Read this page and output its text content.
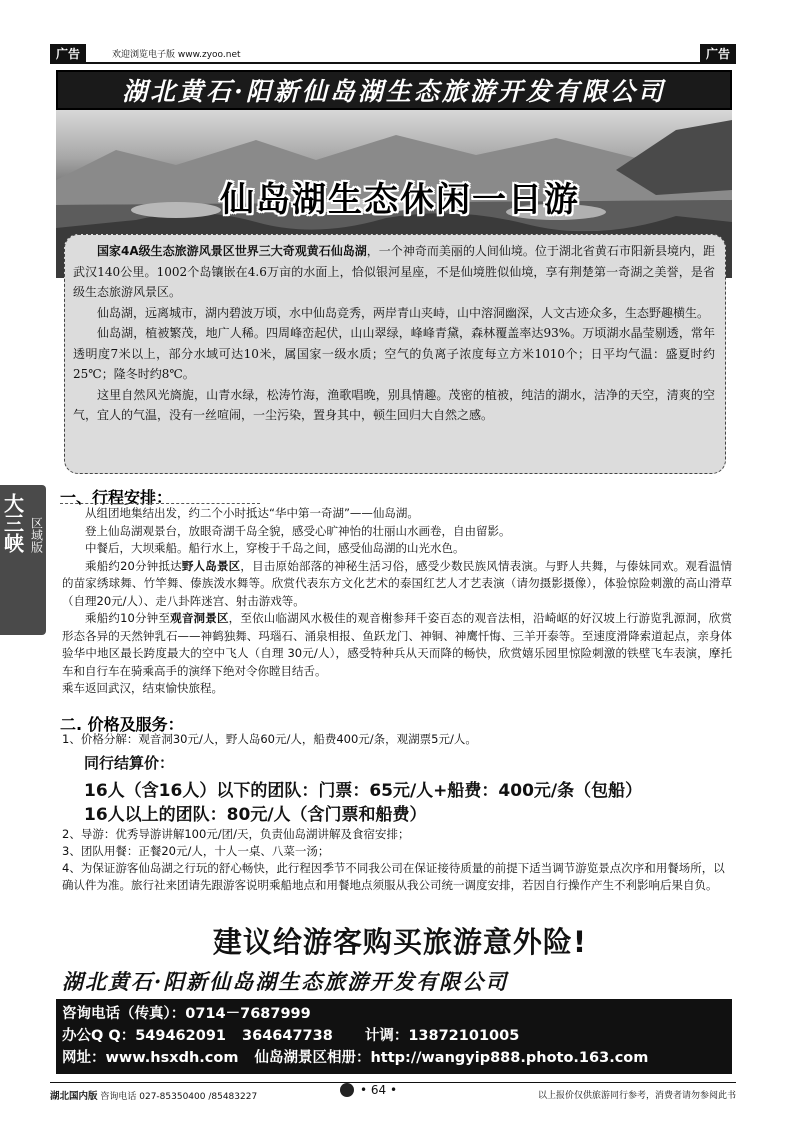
广告	欢迎浏览电子版 www.zyoo.net	广告
湖北黄石·阳新仙岛湖生态旅游开发有限公司
仙岛湖生态休闲一日游

国家4A级生态旅游风景区世界三大奇观黄石仙岛湖，一个神奇而美丽的人间仙境。位于湖北省黄石市阳新县境内，距武汉140公里。1002个岛镶嵌在4.6万亩的水面上，恰似银河星座，不是仙境胜似仙境，享有荆楚第一奇湖之美誉，是省级生态旅游风景区。

仙岛湖，远离城市，湖内碧波万顷，水中仙岛竞秀，两岸青山夹峙，山中溶洞幽深，人文古迹众多，生态野趣横生。

仙岛湖，植被繁茂，地广人稀。四周峰峦起伏，山山翠绿，峰峰青黛，森林覆盖率达93%。万顷湖水晶莹剔透，常年透明度7米以上，部分水域可达10米，属国家一级水质；空气的负离子浓度每立方米1010个；日平均气温：盛夏时约25℃；隆冬时约8℃。

这里自然风光旖旎，山青水绿，松涛竹海，渔歌唱晚，别具情趣。茂密的植被，纯洁的湖水，洁净的天空，清爽的空气，宜人的气温，没有一丝喧闹，一尘污染，置身其中，顿生回归大自然之感。

大三峡 区域版
一、行程安排：

从组团地集结出发，约二个小时抵达“华中第一奇湖”——仙岛湖。

登上仙岛湖观景台，放眼奇湖千岛全貌，感受心旷神怡的壮丽山水画卷，自由留影。

中餐后，大坝乘船。船行水上，穿梭于千岛之间，感受仙岛湖的山光水色。

乘船约20分钟抵达野人岛景区，目击原始部落的神秘生活习俗，感受少数民族风情表演。与野人共舞，与傣妹同欢。观看温情的苗家绣球舞、竹竿舞、傣族泼水舞等。欣赏代表东方文化艺术的泰国红艺人才艺表演（请勿摄影摄像），体验惊险刺激的高山滑草（自理20元/人）、走八卦阵迷宫、射击游戏等。

乘船约10分钟至观音洞景区，至依山临湖风水极佳的观音榭参拜千姿百态的观音法相，沿崎岖的好汉坡上行游览乳源洞，欣赏形态各异的天然钟乳石——神鹤独舞、玛瑙石、涌泉相报、鱼跃龙门、神铜、神鹰忏悔、三羊开泰等。至速度滑降索道起点，亲身体验华中地区最长跨度最大的空中飞人（自理 30元/人），感受特种兵从天而降的畅快，欣赏嬉乐园里惊险刺激的铁壁飞车表演，摩托车和自行车在骑乘高手的演绎下绝对令你瞠目结舌。

乘车返回武汉，结束愉快旅程。

二. 价格及服务：
1、价格分解：观音洞30元/人，野人岛60元/人，船费400元/条，观湖票5元/人。
同行结算价：
16人（含16人）以下的团队：门票：65元/人+船费：400元/条（包船）
16人以上的团队：80元/人（含门票和船费）
2、导游：优秀导游讲解100元/团/天，负责仙岛湖讲解及食宿安排；
3、团队用餐：正餐20元/人，十人一桌、八菜一汤；
4、为保证游客仙岛湖之行玩的舒心畅快，此行程因季节不同我公司在保证接待质量的前提下适当调节游览景点次序和用餐场所，以确认件为准。旅行社来团请先跟游客说明乘船地点和用餐地点须服从我公司统一调度安排，若因自行操作产生不利影响后果自负。
建议给游客购买旅游意外险!
湖北黄石·阳新仙岛湖生态旅游开发有限公司
咨询电话（传真）：0714－7687999
办公Q Q：549462091 364647738 计调：13872101005
网址：www.hsxdh.com 仙岛湖景区相册：http://wangyip888.photo.163.com
湖北国内版 咨询电话 027-85350400 /85483227	• 64 •	以上报价仅供旅游同行参考，消费者请勿参阅此书
